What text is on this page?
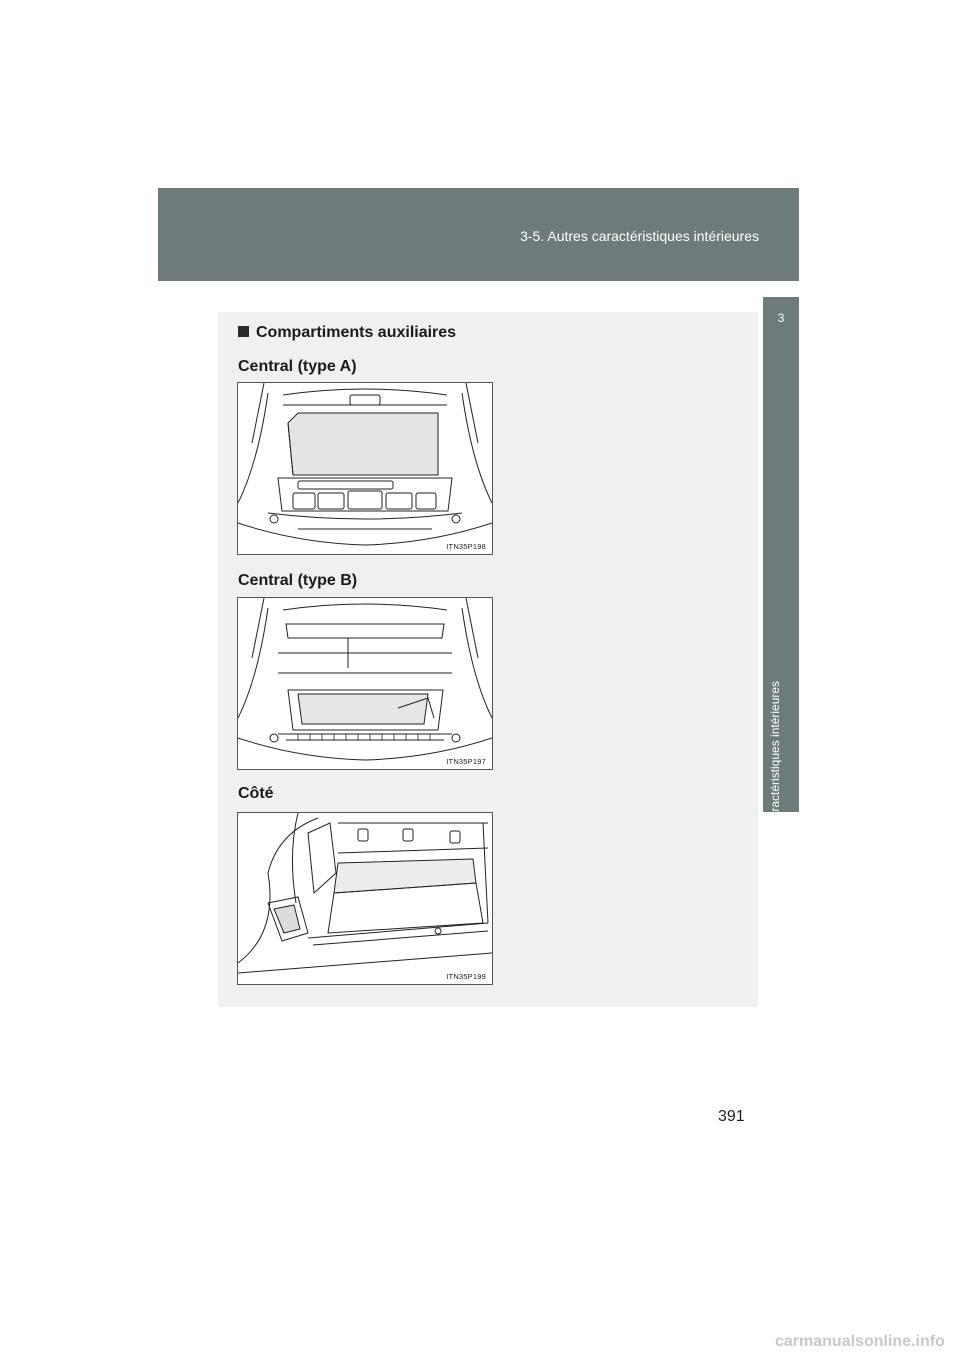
3-5. Autres caractéristiques intérieures
3
Caractéristiques intérieures
Compartiments auxiliaires
Central (type A)
ITN35P198
Central (type B)
ITN35P197
Côté
ITN35P199
391
carmanualsonline.info
